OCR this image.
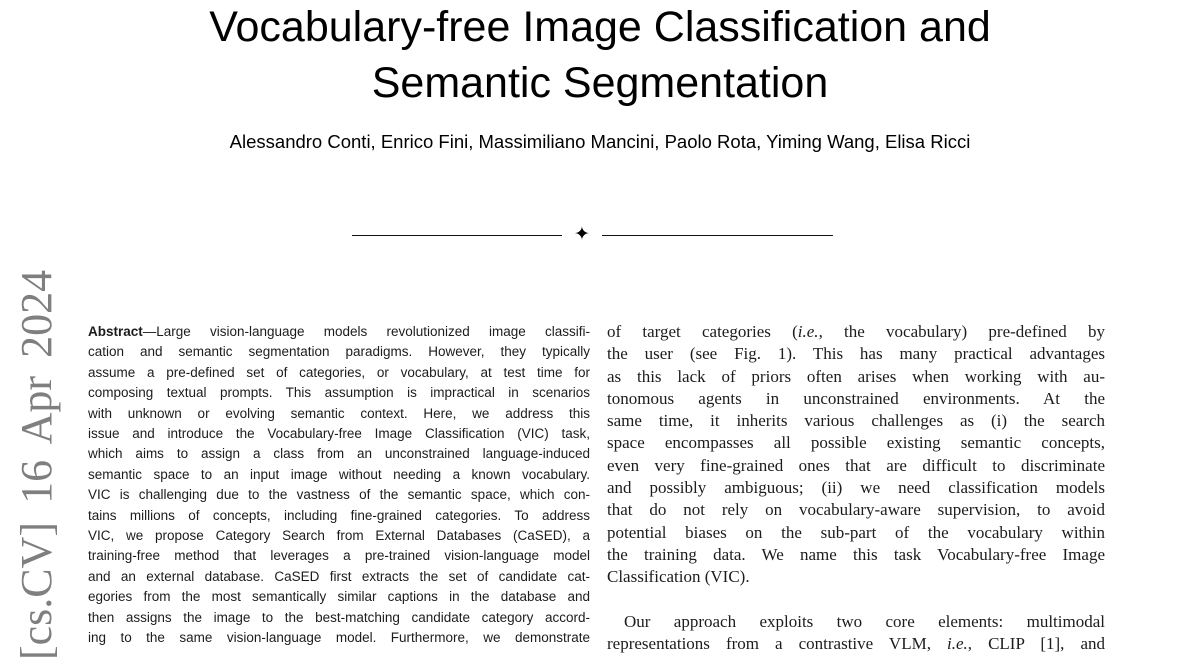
[cs.CV] 16 Apr 2024
Vocabulary-free Image Classification and
Semantic Segmentation
Alessandro Conti, Enrico Fini, Massimiliano Mancini, Paolo Rota, Yiming Wang, Elisa Ricci
✦
Abstract—Large vision-language models revolutionized image classifi-
cation and semantic segmentation paradigms. However, they typically
assume a pre-defined set of categories, or vocabulary, at test time for
composing textual prompts. This assumption is impractical in scenarios
with unknown or evolving semantic context. Here, we address this
issue and introduce the Vocabulary-free Image Classification (VIC) task,
which aims to assign a class from an unconstrained language-induced
semantic space to an input image without needing a known vocabulary.
VIC is challenging due to the vastness of the semantic space, which con-
tains millions of concepts, including fine-grained categories. To address
VIC, we propose Category Search from External Databases (CaSED), a
training-free method that leverages a pre-trained vision-language model
and an external database. CaSED first extracts the set of candidate cat-
egories from the most semantically similar captions in the database and
then assigns the image to the best-matching candidate category accord-
ing to the same vision-language model. Furthermore, we demonstrate
of target categories (i.e., the vocabulary) pre-defined by
the user (see Fig. 1). This has many practical advantages
as this lack of priors often arises when working with au-
tonomous agents in unconstrained environments. At the
same time, it inherits various challenges as (i) the search
space encompasses all possible existing semantic concepts,
even very fine-grained ones that are difficult to discriminate
and possibly ambiguous; (ii) we need classification models
that do not rely on vocabulary-aware supervision, to avoid
potential biases on the sub-part of the vocabulary within
the training data. We name this task Vocabulary-free Image
Classification (VIC).
Our approach exploits two core elements: multimodal
representations from a contrastive VLM, i.e., CLIP [1], and
